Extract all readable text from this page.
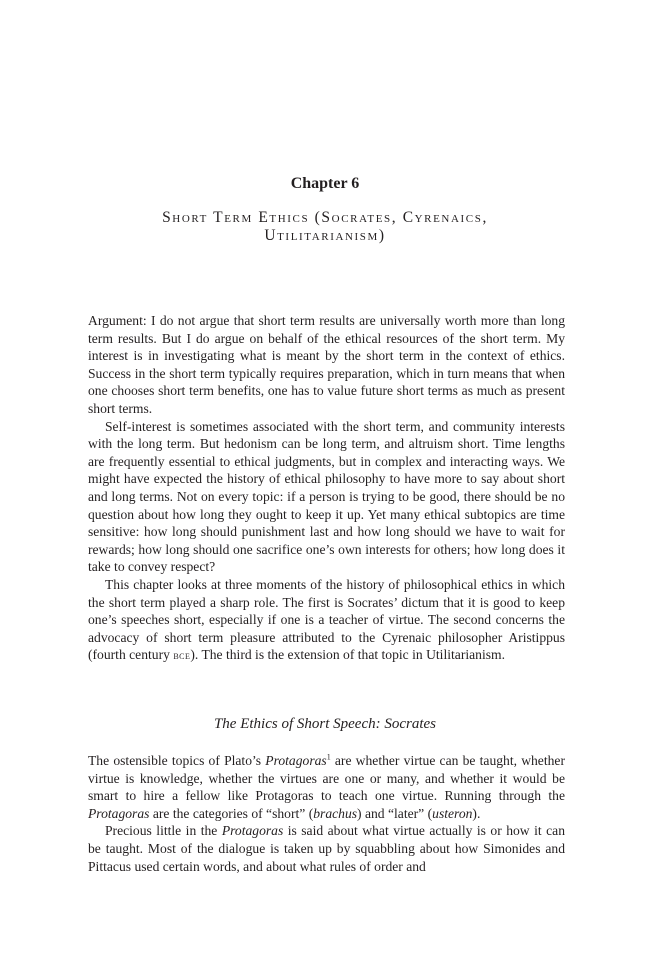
Chapter 6
Short Term Ethics (Socrates, Cyrenaics,
Utilitarianism)

Argument: I do not argue that short term results are universally worth more than long term results. But I do argue on behalf of the ethical resources of the short term. My interest is in investigating what is meant by the short term in the context of ethics. Success in the short term typically requires preparation, which in turn means that when one chooses short term benefits, one has to value future short terms as much as present short terms.

Self-interest is sometimes associated with the short term, and community interests with the long term. But hedonism can be long term, and altruism short. Time lengths are frequently essential to ethical judgments, but in complex and interacting ways. We might have expected the history of ethical philosophy to have more to say about short and long terms. Not on every topic: if a person is trying to be good, there should be no question about how long they ought to keep it up. Yet many ethical subtopics are time sensitive: how long should punishment last and how long should we have to wait for rewards; how long should one sacrifice one’s own interests for others; how long does it take to convey respect?

This chapter looks at three moments of the history of philosophical ethics in which the short term played a sharp role. The first is Socrates’ dictum that it is good to keep one’s speeches short, especially if one is a teacher of virtue. The second concerns the advocacy of short term pleasure attributed to the Cyrenaic philosopher Aristippus (fourth century bce). The third is the extension of that topic in Utilitarianism.

The Ethics of Short Speech: Socrates

The ostensible topics of Plato’s Protagoras$^1$ are whether virtue can be taught, whether virtue is knowledge, whether the virtues are one or many, and whether it would be smart to hire a fellow like Protagoras to teach one virtue. Running through the Protagoras are the categories of “short” (brachus) and “later” (usteron).

Precious little in the Protagoras is said about what virtue actually is or how it can be taught. Most of the dialogue is taken up by squabbling about how Simonides and Pittacus used certain words, and about what rules of order and
